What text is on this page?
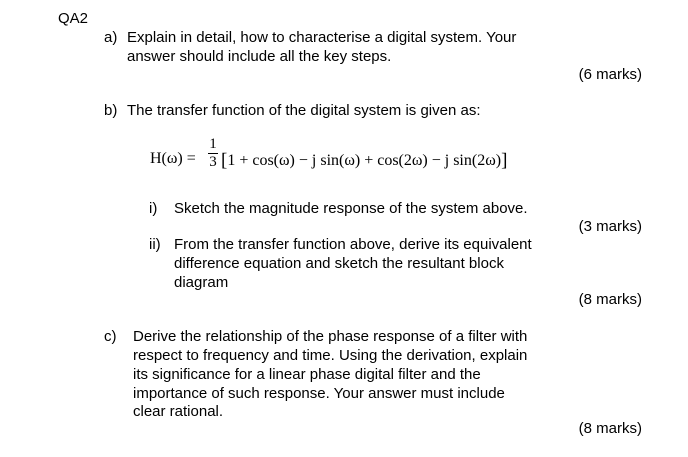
QA2
a) Explain in detail, how to characterise a digital system. Your
answer should include all the key steps.
(6 marks)
b) The transfer function of the digital system is given as:
H(ω) =
1
3 [1 + cos(ω) − j sin(ω) + cos(2ω) − j sin(2ω)]
i) Sketch the magnitude response of the system above.
(3 marks)
ii) From the transfer function above, derive its equivalent
difference equation and sketch the resultant block
diagram
(8 marks)
c) Derive the relationship of the phase response of a filter with
respect to frequency and time. Using the derivation, explain
its significance for a linear phase digital filter and the
importance of such response. Your answer must include
clear rational.
(8 marks)
